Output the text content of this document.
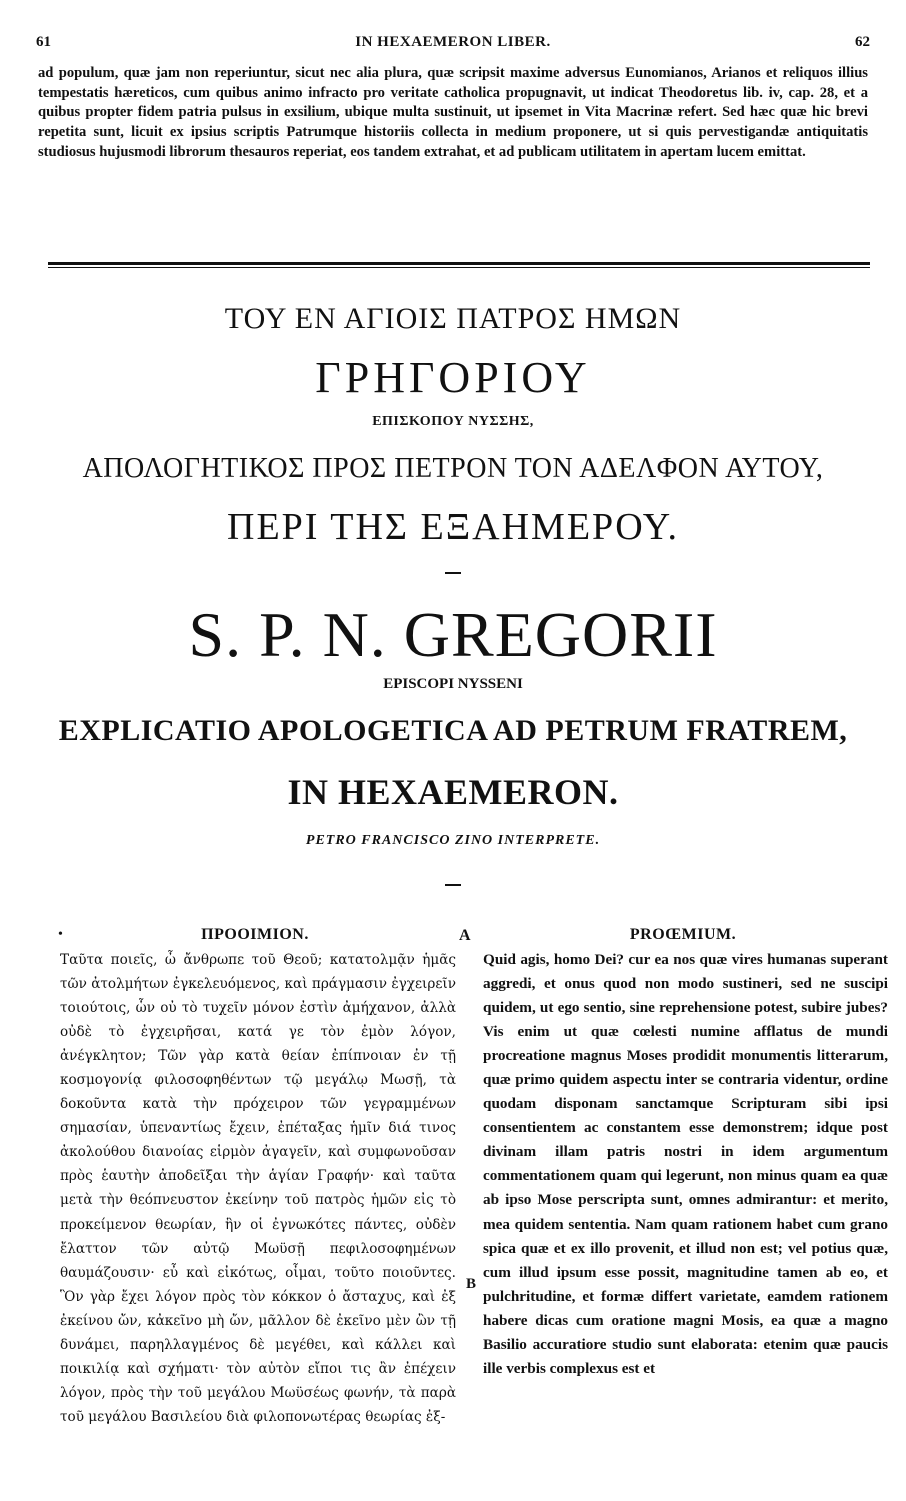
61	IN HEXAEMERON LIBER.	62
ad populum, quæ jam non reperiuntur, sicut nec alia plura, quæ scripsit maxime adversus Eunomianos, Arianos et reliquos illius tempestatis hæreticos, cum quibus animo infracto pro veritate catholica propugnavit, ut indicat Theodoretus lib. iv, cap. 28, et a quibus propter fidem patria pulsus in exsilium, ubique multa sustinuit, ut ipsemet in Vita Macrinæ refert. Sed hæc quæ hic brevi repetita sunt, licuit ex ipsius scriptis Patrumque historiis collecta in medium proponere, ut si quis pervestigandæ antiquitatis studiosus hujusmodi librorum thesauros reperiat, eos tandem extrahat, et ad publicam utilitatem in apertam lucem emittat.

ΤΟΥ ΕΝ ΑΓΙΟΙΣ ΠΑΤΡΟΣ ΗΜΩΝ

ΓΡΗΓΟΡΙΟΥ

ΕΠΙΣΚΟΠΟΥ ΝΥΣΣΗΣ,

ΑΠΟΛΟΓΗΤΙΚΟΣ ΠΡΟΣ ΠΕΤΡΟΝ ΤΟΝ ΑΔΕΛΦΟΝ ΑΥΤΟΥ,

ΠΕΡΙ ΤΗΣ ΕΞΑΗΜΕΡΟΥ.

S. P. N. GREGORII

EPISCOPI NYSSENI

EXPLICATIO APOLOGETICA AD PETRUM FRATREM,

IN HEXAEMERON.

PETRO FRANCISCO ZINO INTERPRETE.

•	ΠΡΟΟΙΜΙΟΝ.	A	PROŒMIUM.
Ταῦτα ποιεῖς, ὦ ἄνθρωπε τοῦ Θεοῦ; κατατολμᾷν ἡμᾶς τῶν ἀτολμήτων ἐγκελευόμενος, καὶ πράγμασιν ἐγχειρεῖν τοιούτοις, ὧν οὐ τὸ τυχεῖν μόνον ἐστὶν ἀμήχανον, ἀλλὰ οὐδὲ τὸ ἐγχειρῆσαι, κατά γε τὸν ἐμὸν λόγον, ἀνέγκλητον; Τῶν γὰρ κατὰ θείαν ἐπίπνοιαν ἐν τῇ κοσμογονίᾳ φιλοσοφηθέντων τῷ μεγάλῳ Μωσῇ, τὰ δοκοῦντα κατὰ τὴν πρόχειρον τῶν γεγραμμένων σημασίαν, ὑπεναντίως ἔχειν, ἐπέταξας ἡμῖν διά τινος ἀκολούθου διανοίας εἱρμὸν ἀγαγεῖν, καὶ συμφωνοῦσαν πρὸς ἑαυτὴν ἀποδεῖξαι τὴν ἁγίαν Γραφήν· καὶ ταῦτα μετὰ τὴν θεόπνευστον ἐκείνην τοῦ πατρὸς ἡμῶν εἰς τὸ προκείμενον θεωρίαν, ἣν οἱ ἐγνωκότες πάντες, οὐδὲν ἔλαττον τῶν αὐτῷ Μωϋσῇ πεφιλοσοφημένων θαυμάζουσιν· εὖ καὶ εἰκότως, οἶμαι, τοῦτο ποιοῦντες. Ὃν γὰρ ἔχει λόγον πρὸς τὸν κόκκον ὁ ἄσταχυς, καὶ ἐξ ἐκείνου ὤν, κἀκεῖνο μὴ ὤν, μᾶλλον δὲ ἐκεῖνο μὲν ὢν τῇ δυνάμει, παρηλλαγμένος δὲ μεγέθει, καὶ κάλλει καὶ ποικιλίᾳ καὶ σχήματι· τὸν αὐτὸν εἴποι τις ἂν ἐπέχειν λόγον, πρὸς τὴν τοῦ μεγάλου Μωϋσέως φωνήν, τὰ παρὰ τοῦ μεγάλου Βασιλείου διὰ φιλοπονωτέρας θεωρίας ἐξ-
B
Quid agis, homo Dei? cur ea nos quæ vires humanas superant aggredi, et onus quod non modo sustineri, sed ne suscipi quidem, ut ego sentio, sine reprehensione potest, subire jubes? Vis enim ut quæ cœlesti numine afflatus de mundi procreatione magnus Moses prodidit monumentis litterarum, quæ primo quidem aspectu inter se contraria videntur, ordine quodam disponam sanctamque Scripturam sibi ipsi consentientem ac constantem esse demonstrem; idque post divinam illam patris nostri in idem argumentum commentationem quam qui legerunt, non minus quam ea quæ ab ipso Mose perscripta sunt, omnes admirantur: et merito, mea quidem sententia. Nam quam rationem habet cum grano spica quæ et ex illo provenit, et illud non est; vel potius quæ, cum illud ipsum esse possit, magnitudine tamen ab eo, et pulchritudine, et formæ differt varietate, eamdem rationem habere dicas cum oratione magni Mosis, ea quæ a magno Basilio accuratiore studio sunt elaborata: etenim quæ paucis ille verbis complexus est et
